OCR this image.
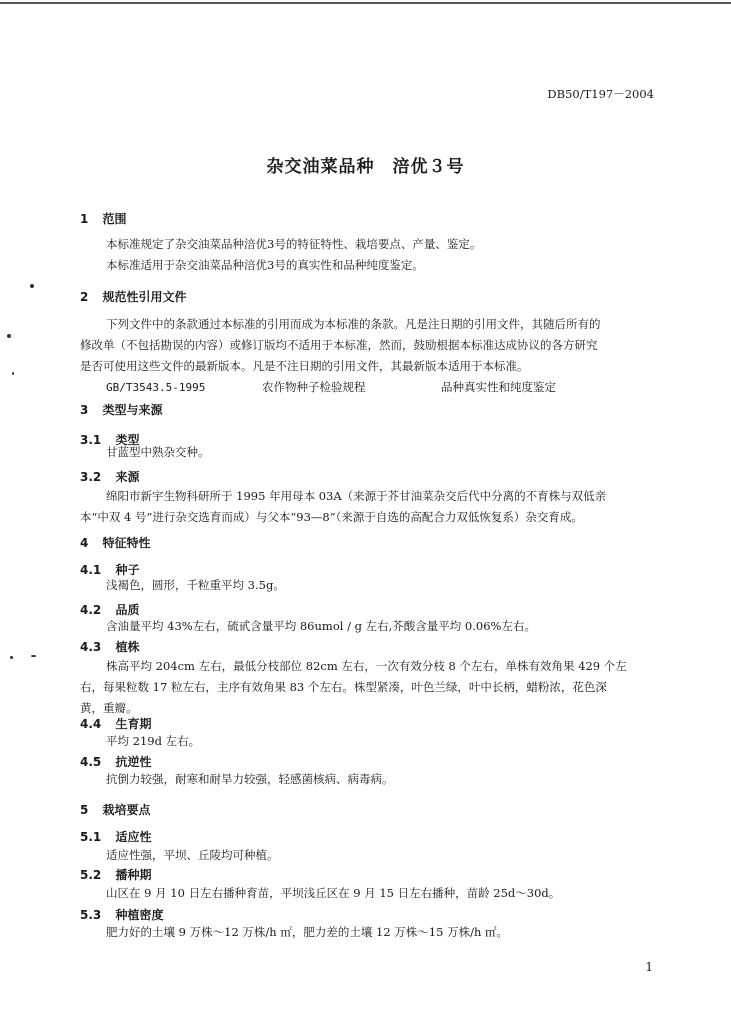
DB50/T197－2004
杂交油菜品种　涪优３号
1 范围
本标准规定了杂交油菜品种涪优3号的特征特性、栽培要点、产量、鉴定。
本标准适用于杂交油菜品种涪优3号的真实性和品种纯度鉴定。
2 规范性引用文件
下列文件中的条款通过本标准的引用而成为本标准的条款。凡是注日期的引用文件，其随后所有的
修改单（不包括勘误的内容）或修订版均不适用于本标准，然而，鼓励根据本标准达成协议的各方研究
是否可使用这些文件的最新版本。凡是不注日期的引用文件，其最新版本适用于本标准。
GB/T3543.5-1995	农作物种子检验规程	品种真实性和纯度鉴定
3 类型与来源
3.1 类型
甘蓝型中熟杂交种。
3.2 来源
绵阳市新宇生物科研所于 1995 年用母本 03A（来源于芥甘油菜杂交后代中分离的不育株与双低亲
本“中双 4 号”进行杂交选育而成）与父本“93—8”（来源于自选的高配合力双低恢复系）杂交育成。
4 特征特性
4.1 种子
浅褐色，圆形，千粒重平均 3.5g。
4.2 品质
含油量平均 43%左右，硫甙含量平均 86umol / g 左右,芥酸含量平均 0.06%左右。
4.3 植株
株高平均 204cm 左右，最低分枝部位 82cm 左右，一次有效分枝 8 个左右，单株有效角果 429 个左
右，每果粒数 17 粒左右，主序有效角果 83 个左右。株型紧凑，叶色兰绿，叶中长柄，蜡粉浓，花色深
黄，重瓣。
4.4 生育期
平均 219d 左右。
4.5 抗逆性
抗倒力较强，耐寒和耐旱力较强，轻感菌核病、病毒病。
5 栽培要点
5.1 适应性
适应性强，平坝、丘陵均可种植。
5.2 播种期
山区在 9 月 10 日左右播种育苗，平坝浅丘区在 9 月 15 日左右播种，苗龄 25d～30d。
5.3 种植密度
肥力好的土壤 9 万株～12 万株/h ㎡，肥力差的土壤 12 万株～15 万株/h ㎡。
1
